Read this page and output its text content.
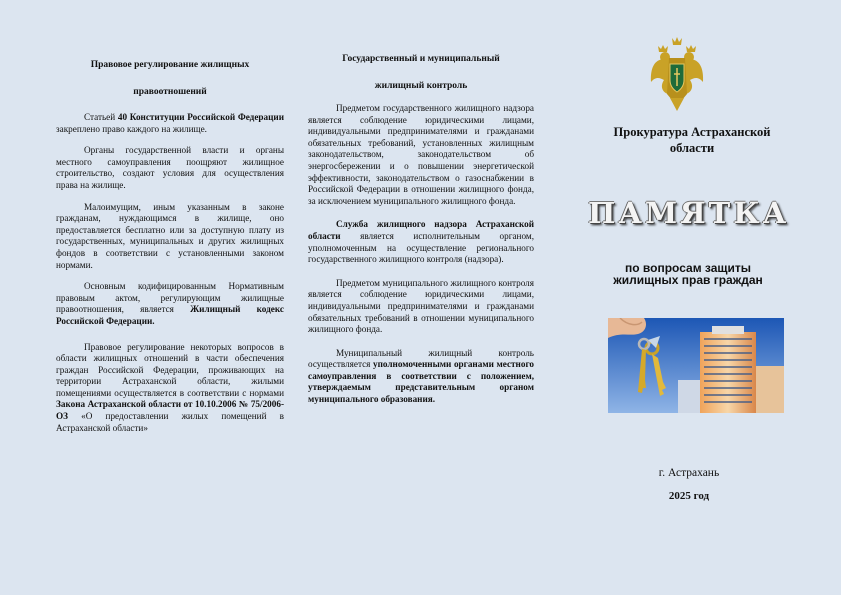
Правовое регулирование жилищных
правоотношений

Статьей 40 Конституции Российской Федерации закреплено право каждого на жилище.

Органы государственной власти и органы местного самоуправления поощряют жилищное строительство, создают условия для осуществления права на жилище.

Малоимущим, иным указанным в законе гражданам, нуждающимся в жилище, оно предоставляется бесплатно или за доступную плату из государственных, муниципальных и других жилищных фондов в соответствии с установленными законом нормами.

Основным кодифицированным Нормативным правовым актом, регулирующим жилищные правоотношения, является Жилищный кодекс Российской Федерации.

Правовое регулирование некоторых вопросов в области жилищных отношений в части обеспечения граждан Российской Федерации, проживающих на территории Астраханской области, жилыми помещениями осуществляется в соответствии с нормами Закона Астраханской области от 10.10.2006 № 75/2006-ОЗ «О предоставлении жилых помещений в Астраханской области»

Государственный и муниципальный
жилищный контроль

Предметом государственного жилищного надзора является соблюдение юридическими лицами, индивидуальными предпринимателями и гражданами обязательных требований, установленных жилищным законодательством, законодательством об энергосбережении и о повышении энергетической эффективности, законодательством о газоснабжении в Российской Федерации в отношении жилищного фонда, за исключением муниципального жилищного фонда.

Служба жилищного надзора Астраханской области является исполнительным органом, уполномоченным на осуществление регионального государственного жилищного контроля (надзора).

Предметом муниципального жилищного контроля является соблюдение юридическими лицами, индивидуальными предпринимателями и гражданами обязательных требований в отношении муниципального жилищного фонда.

Муниципальный жилищный контроль осуществляется уполномоченными органами местного самоуправления в соответствии с положением, утверждаемым представительным органом муниципального образования.

Прокуратура Астраханской
области
ПАМЯТКА
по вопросам защиты
жилищных прав граждан
г. Астрахань
2025 год
